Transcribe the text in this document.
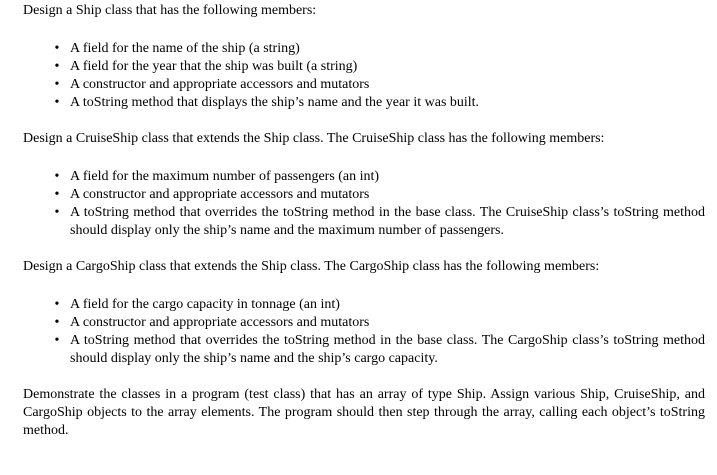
Design a Ship class that has the following members:

• A field for the name of the ship (a string)
• A field for the year that the ship was built (a string)
• A constructor and appropriate accessors and mutators
• A toString method that displays the ship’s name and the year it was built.

Design a CruiseShip class that extends the Ship class. The CruiseShip class has the following members:

• A field for the maximum number of passengers (an int)
• A constructor and appropriate accessors and mutators
• A toString method that overrides the toString method in the base class. The CruiseShip class’s toString method should display only the ship’s name and the maximum number of passengers.

Design a CargoShip class that extends the Ship class. The CargoShip class has the following members:

• A field for the cargo capacity in tonnage (an int)
• A constructor and appropriate accessors and mutators
• A toString method that overrides the toString method in the base class. The CargoShip class’s toString method should display only the ship’s name and the ship’s cargo capacity.

Demonstrate the classes in a program (test class) that has an array of type Ship. Assign various Ship, CruiseShip, and CargoShip objects to the array elements. The program should then step through the array, calling each object’s toString method.
